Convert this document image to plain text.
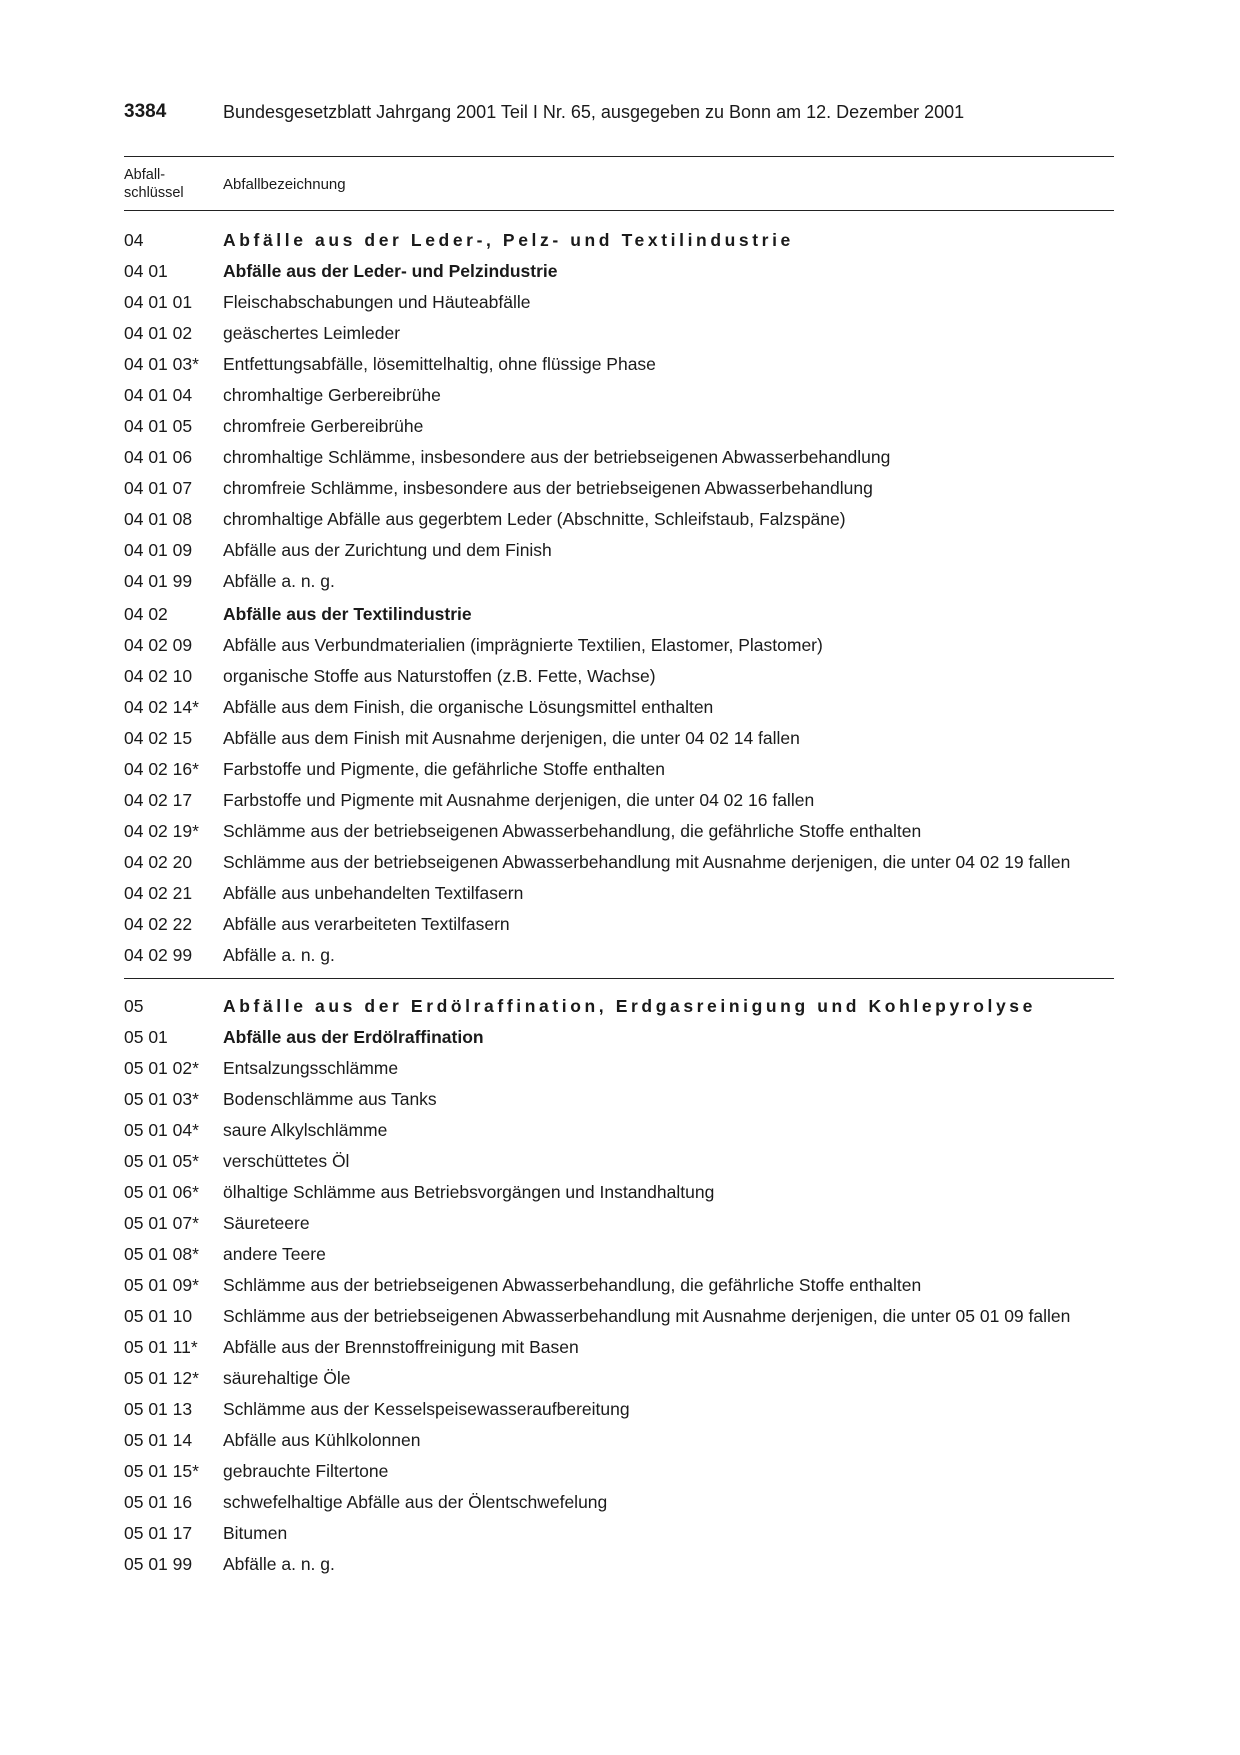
3384	Bundesgesetzblatt Jahrgang 2001 Teil I Nr. 65, ausgegeben zu Bonn am 12. Dezember 2001
Abfall-
schlüssel	Abfallbezeichnung
04	Abfälle aus der Leder-, Pelz- und Textilindustrie
04 01	Abfälle aus der Leder- und Pelzindustrie
04 01 01	Fleischabschabungen und Häuteabfälle
04 01 02	geäschertes Leimleder
04 01 03*	Entfettungsabfälle, lösemittelhaltig, ohne flüssige Phase
04 01 04	chromhaltige Gerbereibrühe
04 01 05	chromfreie Gerbereibrühe
04 01 06	chromhaltige Schlämme, insbesondere aus der betriebseigenen Abwasserbehandlung
04 01 07	chromfreie Schlämme, insbesondere aus der betriebseigenen Abwasserbehandlung
04 01 08	chromhaltige Abfälle aus gegerbtem Leder (Abschnitte, Schleifstaub, Falzspäne)
04 01 09	Abfälle aus der Zurichtung und dem Finish
04 01 99	Abfälle a. n. g.
04 02	Abfälle aus der Textilindustrie
04 02 09	Abfälle aus Verbundmaterialien (imprägnierte Textilien, Elastomer, Plastomer)
04 02 10	organische Stoffe aus Naturstoffen (z.B. Fette, Wachse)
04 02 14*	Abfälle aus dem Finish, die organische Lösungsmittel enthalten
04 02 15	Abfälle aus dem Finish mit Ausnahme derjenigen, die unter 04 02 14 fallen
04 02 16*	Farbstoffe und Pigmente, die gefährliche Stoffe enthalten
04 02 17	Farbstoffe und Pigmente mit Ausnahme derjenigen, die unter 04 02 16 fallen
04 02 19*	Schlämme aus der betriebseigenen Abwasserbehandlung, die gefährliche Stoffe enthalten
04 02 20	Schlämme aus der betriebseigenen Abwasserbehandlung mit Ausnahme derjenigen, die unter 04 02 19 fallen
04 02 21	Abfälle aus unbehandelten Textilfasern
04 02 22	Abfälle aus verarbeiteten Textilfasern
04 02 99	Abfälle a. n. g.
05	Abfälle aus der Erdölraffination, Erdgasreinigung und Kohlepyrolyse
05 01	Abfälle aus der Erdölraffination
05 01 02*	Entsalzungsschlämme
05 01 03*	Bodenschlämme aus Tanks
05 01 04*	saure Alkylschlämme
05 01 05*	verschüttetes Öl
05 01 06*	ölhaltige Schlämme aus Betriebsvorgängen und Instandhaltung
05 01 07*	Säureteere
05 01 08*	andere Teere
05 01 09*	Schlämme aus der betriebseigenen Abwasserbehandlung, die gefährliche Stoffe enthalten
05 01 10	Schlämme aus der betriebseigenen Abwasserbehandlung mit Ausnahme derjenigen, die unter 05 01 09 fallen
05 01 11*	Abfälle aus der Brennstoffreinigung mit Basen
05 01 12*	säurehaltige Öle
05 01 13	Schlämme aus der Kesselspeisewasseraufbereitung
05 01 14	Abfälle aus Kühlkolonnen
05 01 15*	gebrauchte Filtertone
05 01 16	schwefelhaltige Abfälle aus der Ölentschwefelung
05 01 17	Bitumen
05 01 99	Abfälle a. n. g.
